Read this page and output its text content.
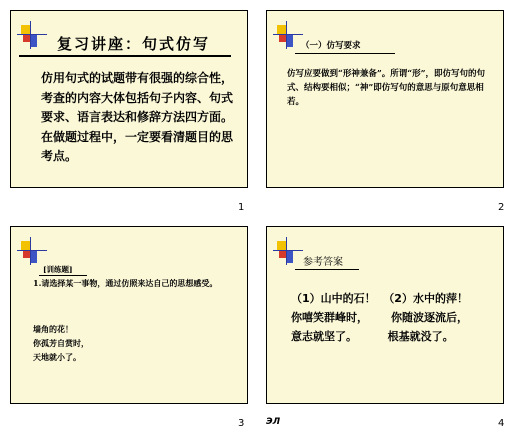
复习讲座：句式仿写
仿用句式的试题带有很强的综合性，考查的内容大体包括句子内容、句式要求、语言表达和修辞方法四方面。在做题过程中，一定要看清题目的思考点。
1
（一）仿写要求
仿写应要做到“形神兼备”。所谓“形”，即仿写句的句式、结构要相似；“神”即仿写句的意思与原句意思相若。
2
[训练题]
1.请选择某一事物，通过仿照来达自己的思想感受。
墙角的花！
你孤芳自赏时，
天地就小了。
3
参考答案
（1）山中的石！  （2）水中的萍！
你嘻笑群峰时，      你随波逐流后，
意志就坚了。        根基就没了。
ЭЛ	4
